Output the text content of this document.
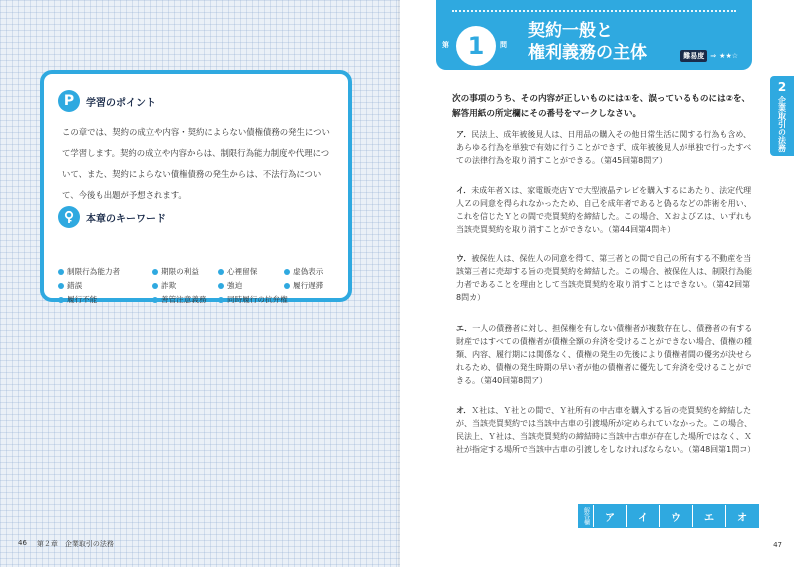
P	学習のポイント
この章では、契約の成立や内容・契約によらない債権債務の発生について学習します。契約の成立や内容からは、制限行為能力制度や代理について、また、契約によらない債権債務の発生からは、不法行為について、今後も出題が予想されます。
本章のキーワード
制限行為能力者	期限の利益	心裡留保	虚偽表示
錯誤	詐欺	強迫	履行遅滞
履行不能	善管注意義務	同時履行の抗弁権
46 第２章　企業取引の法務
第 1	問
契約一般と
権利義務の主体	難易度 ⇒ ★★☆
2
企業取引の法務
次の事項のうち、その内容が正しいものには①を、誤っているものには②を、解答用紙の所定欄にその番号をマークしなさい。
ア．民法上、成年被後見人は、日用品の購入その他日常生活に関する行為も含め、あらゆる行為を単独で有効に行うことができず、成年被後見人が単独で行ったすべての法律行為を取り消すことができる。（第45回第8問ア）
イ．未成年者Ｘは、家電販売店Ｙで大型液晶テレビを購入するにあたり、法定代理人Ｚの同意を得られなかったため、自己を成年者であると偽るなどの詐術を用い、これを信じたＹとの間で売買契約を締結した。この場合、ＸおよびＺは、いずれも当該売買契約を取り消すことができない。（第44回第4問キ）
ウ．被保佐人は、保佐人の同意を得て、第三者との間で自己の所有する不動産を当該第三者に売却する旨の売買契約を締結した。この場合、被保佐人は、制限行為能力者であることを理由として当該売買契約を取り消すことはできない。（第42回第8問カ）
エ．一人の債務者に対し、担保権を有しない債権者が複数存在し、債務者の有する財産ではすべての債権者が債権全額の弁済を受けることができない場合、債権の種類、内容、履行期には関係なく、債権の発生の先後により債権者間の優劣が決せられるため、債権の発生時期の早い者が他の債権者に優先して弁済を受けることができる。（第40回第8問ア）
オ．Ｘ社は、Ｙ社との間で、Ｙ社所有の中古車を購入する旨の売買契約を締結したが、当該売買契約では当該中古車の引渡場所が定められていなかった。この場合、民法上、Ｙ社は、当該売買契約の締結時に当該中古車が存在した場所ではなく、Ｘ社が指定する場所で当該中古車の引渡しをしなければならない。（第48回第1問コ）
解答欄	ア	イ	ウ	エ	オ
47
